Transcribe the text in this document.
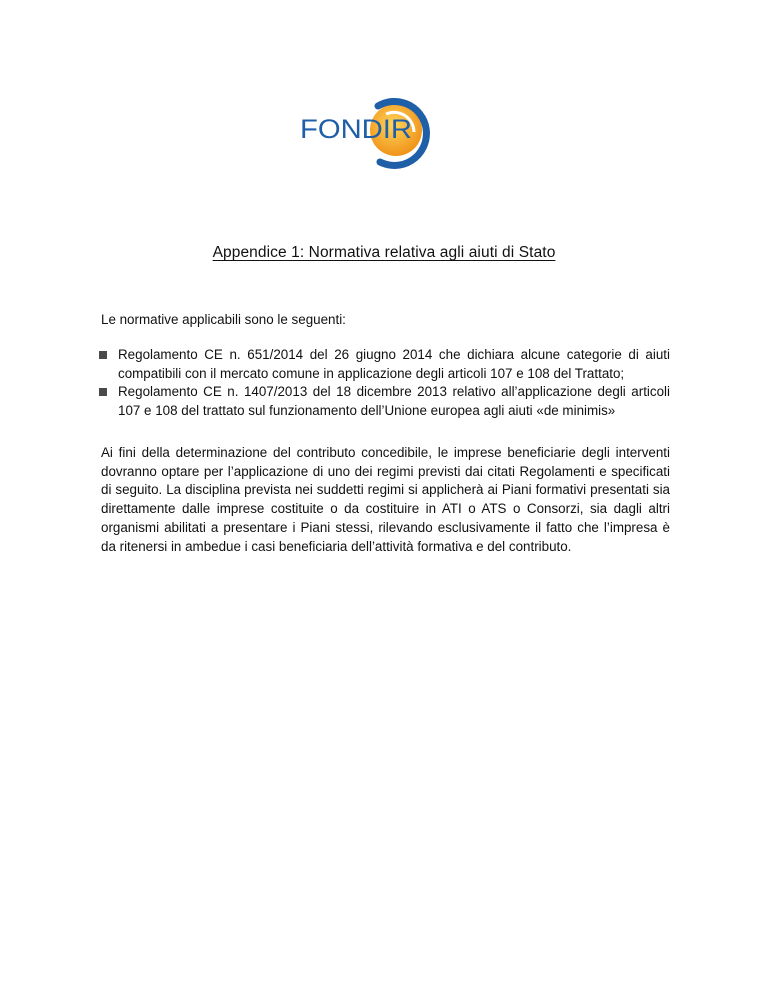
FONDIR
Appendice 1: Normativa relativa agli aiuti di Stato
Le normative applicabili sono le seguenti:
Regolamento CE n. 651/2014 del 26 giugno 2014 che dichiara alcune categorie di aiuti compatibili con il mercato comune in applicazione degli articoli 107 e 108 del Trattato;
Regolamento CE n. 1407/2013 del 18 dicembre 2013 relativo all’applicazione degli articoli 107 e 108 del trattato sul funzionamento dell’Unione europea agli aiuti «de minimis»

Ai fini della determinazione del contributo concedibile, le imprese beneficiarie degli interventi dovranno optare per l’applicazione di uno dei regimi previsti dai citati Regolamenti e specificati di seguito. La disciplina prevista nei suddetti regimi si applicherà ai Piani formativi presentati sia direttamente dalle imprese costituite o da costituire in ATI o ATS o Consorzi, sia dagli altri organismi abilitati a presentare i Piani stessi, rilevando esclusivamente il fatto che l’impresa è da ritenersi in ambedue i casi beneficiaria dell’attività formativa e del contributo.
